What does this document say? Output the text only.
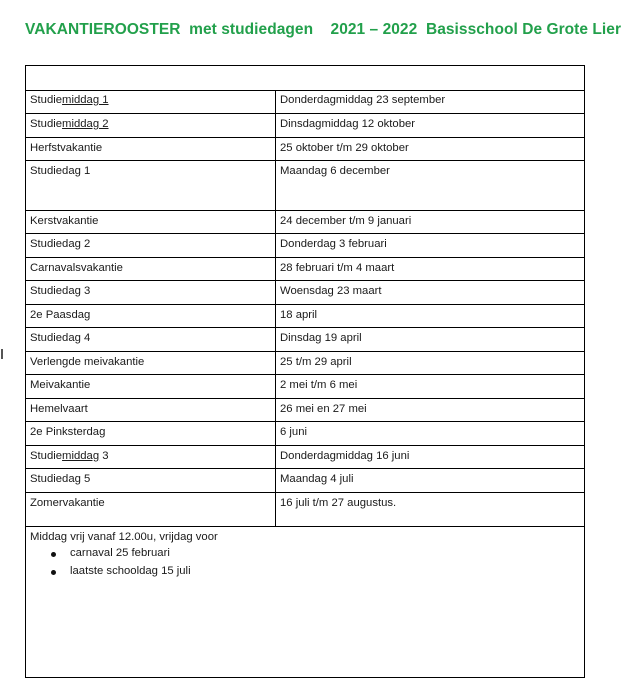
VAKANTIEROOSTER  met studiedagen    2021 – 2022  Basisschool De Grote Lier
Studiemiddag 1	Donderdagmiddag 23 september
Studiemiddag 2	Dinsdagmiddag 12 oktober
Herfstvakantie	25 oktober t/m 29 oktober
Studiedag 1	Maandag 6 december
Kerstvakantie	24 december t/m 9 januari
Studiedag 2	Donderdag 3 februari
Carnavalsvakantie	28 februari t/m 4 maart
Studiedag 3	Woensdag 23 maart
2e Paasdag	18 april
Studiedag 4	Dinsdag 19 april
Verlengde meivakantie	25 t/m 29 april
Meivakantie	2 mei t/m 6 mei
Hemelvaart	26 mei en 27 mei
2e Pinksterdag	6 juni
Studiemiddag 3	Donderdagmiddag 16 juni
Studiedag 5	Maandag 4 juli
Zomervakantie	16 juli t/m 27 augustus.
Middag vrij vanaf 12.00u, vrijdag voor
carnaval 25 februari
laatste schooldag 15 juli
